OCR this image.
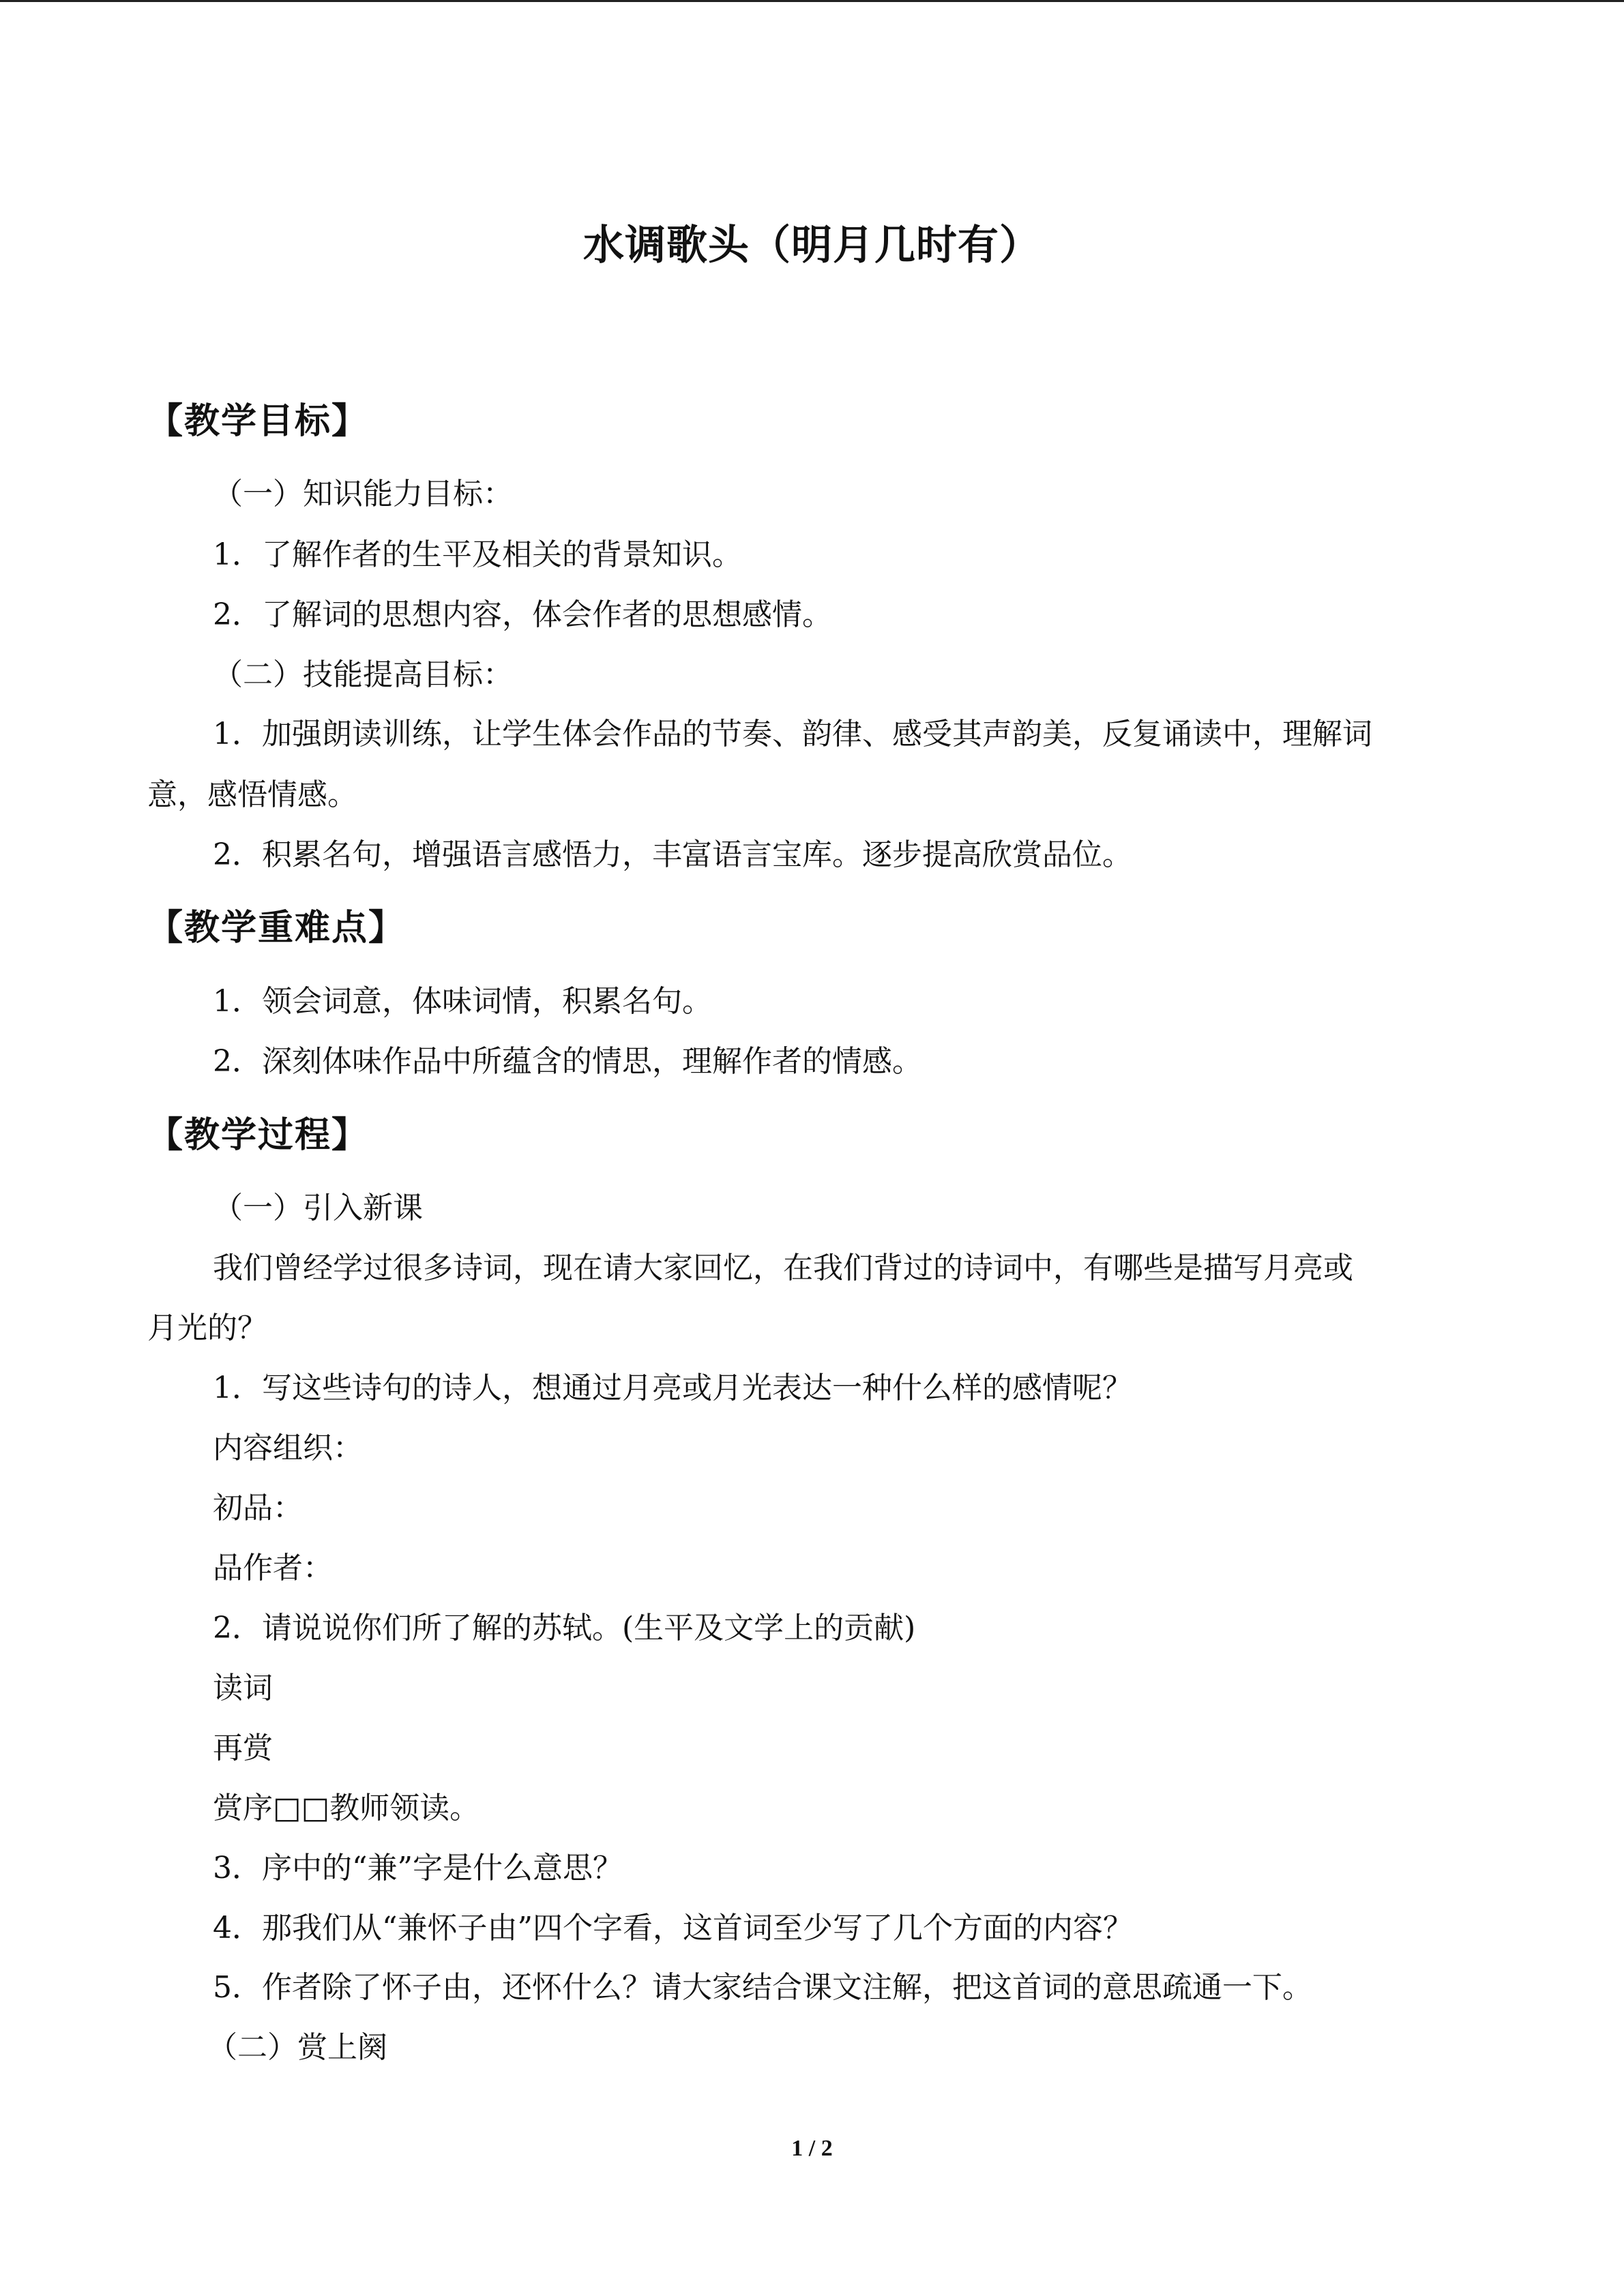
水调歌头（明月几时有）
【教学目标】
（一）知识能力目标：
1．了解作者的生平及相关的背景知识。
2．了解词的思想内容，体会作者的思想感情。
（二）技能提高目标：
1．加强朗读训练，让学生体会作品的节奏、韵律、感受其声韵美，反复诵读中，理解词
意，感悟情感。
2．积累名句，增强语言感悟力，丰富语言宝库。逐步提高欣赏品位。
【教学重难点】
1．领会词意，体味词情，积累名句。
2．深刻体味作品中所蕴含的情思，理解作者的情感。
【教学过程】
（一）引入新课
我们曾经学过很多诗词，现在请大家回忆，在我们背过的诗词中，有哪些是描写月亮或
月光的？
1．写这些诗句的诗人，想通过月亮或月光表达一种什么样的感情呢？
内容组织：
初品：
品作者：
2．请说说你们所了解的苏轼。(生平及文学上的贡献)
读词
再赏
赏序□□教师领读。
3．序中的“兼”字是什么意思？
4．那我们从“兼怀子由”四个字看，这首词至少写了几个方面的内容？
5．作者除了怀子由，还怀什么？请大家结合课文注解，把这首词的意思疏通一下。
（二）赏上阕
1 / 2
